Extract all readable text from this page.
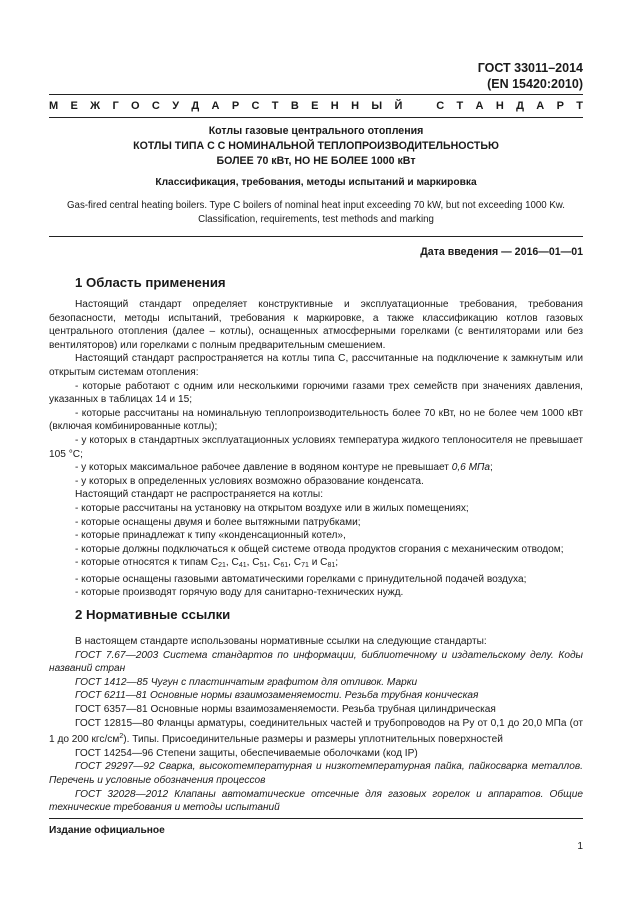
ГОСТ 33011–2014
(EN 15420:2010)
М Е Ж Г О С У Д А Р С Т В Е Н Н Ы Й
	С Т А Н Д А Р Т
Котлы газовые центрального отопления
КОТЛЫ ТИПА С С НОМИНАЛЬНОЙ ТЕПЛОПРОИЗВОДИТЕЛЬНОСТЬЮ
БОЛЕЕ 70 кВт, НО НЕ БОЛЕЕ 1000 кВт
Классификация, требования, методы испытаний и маркировка
Gas-fired central heating boilers. Type C boilers of nominal heat input exceeding 70 kW, but not exceeding 1000 Kw.
Classification, requirements, test methods and marking
Дата введения — 2016—01—01
1 Область применения

Настоящий стандарт определяет конструктивные и эксплуатационные требования, требования безопасности, методы испытаний, требования к маркировке, а также классификацию котлов газовых центрального отопления (далее – котлы), оснащенных атмосферными горелками (с вентиляторами или без вентиляторов) или горелками с полным предварительным смешением.

Настоящий стандарт распространяется на котлы типа С, рассчитанные на подключение к замкнутым или открытым системам отопления:

- которые работают с одним или несколькими горючими газами трех семейств при значениях давления, указанных в таблицах 14 и 15;

- которые рассчитаны на номинальную теплопроизводительность более 70 кВт, но не более чем 1000 кВт (включая комбинированные котлы);

- у которых в стандартных эксплуатационных условиях температура жидкого теплоносителя не превышает 105 °С;

- у которых максимальное рабочее давление в водяном контуре не превышает 0,6 МПа;

- у которых в определенных условиях возможно образование конденсата.

Настоящий стандарт не распространяется на котлы:

- которые рассчитаны на установку на открытом воздухе или в жилых помещениях;

- которые оснащены двумя и более вытяжными патрубками;

- которые принадлежат к типу «конденсационный котел»,

- которые должны подключаться к общей системе отвода продуктов сгорания с механическим отводом;

- которые относятся к типам $С_{21}$, $С_{41}$, $С_{51}$, $С_{61}$, $С_{71}$ и $С_{81}$;

- которые оснащены газовыми автоматическими горелками с принудительной подачей воздуха;

- которые производят горячую воду для санитарно-технических нужд.

2 Нормативные ссылки

В настоящем стандарте использованы нормативные ссылки на следующие стандарты:

ГОСТ 7.67—2003 Система стандартов по информации, библиотечному и издательскому делу. Коды названий стран

ГОСТ 1412—85 Чугун с пластинчатым графитом для отливок. Марки

ГОСТ 6211—81 Основные нормы взаимозаменяемости. Резьба трубная коническая

ГОСТ 6357—81 Основные нормы взаимозаменяемости. Резьба трубная цилиндрическая

ГОСТ 12815—80 Фланцы арматуры, соединительных частей и трубопроводов на Ру от 0,1 до 20,0 МПа (от 1 до 200 кгс/$см^2$). Типы. Присоединительные размеры и размеры уплотнительных поверхностей

ГОСТ 14254—96 Степени защиты, обеспечиваемые оболочками (код IP)

ГОСТ 29297—92 Сварка, высокотемпературная и низкотемпературная пайка, пайкосварка металлов. Перечень и условные обозначения процессов

ГОСТ 32028—2012 Клапаны автоматические отсечные для газовых горелок и аппаратов. Общие технические требования и методы испытаний

Издание официальное
1
